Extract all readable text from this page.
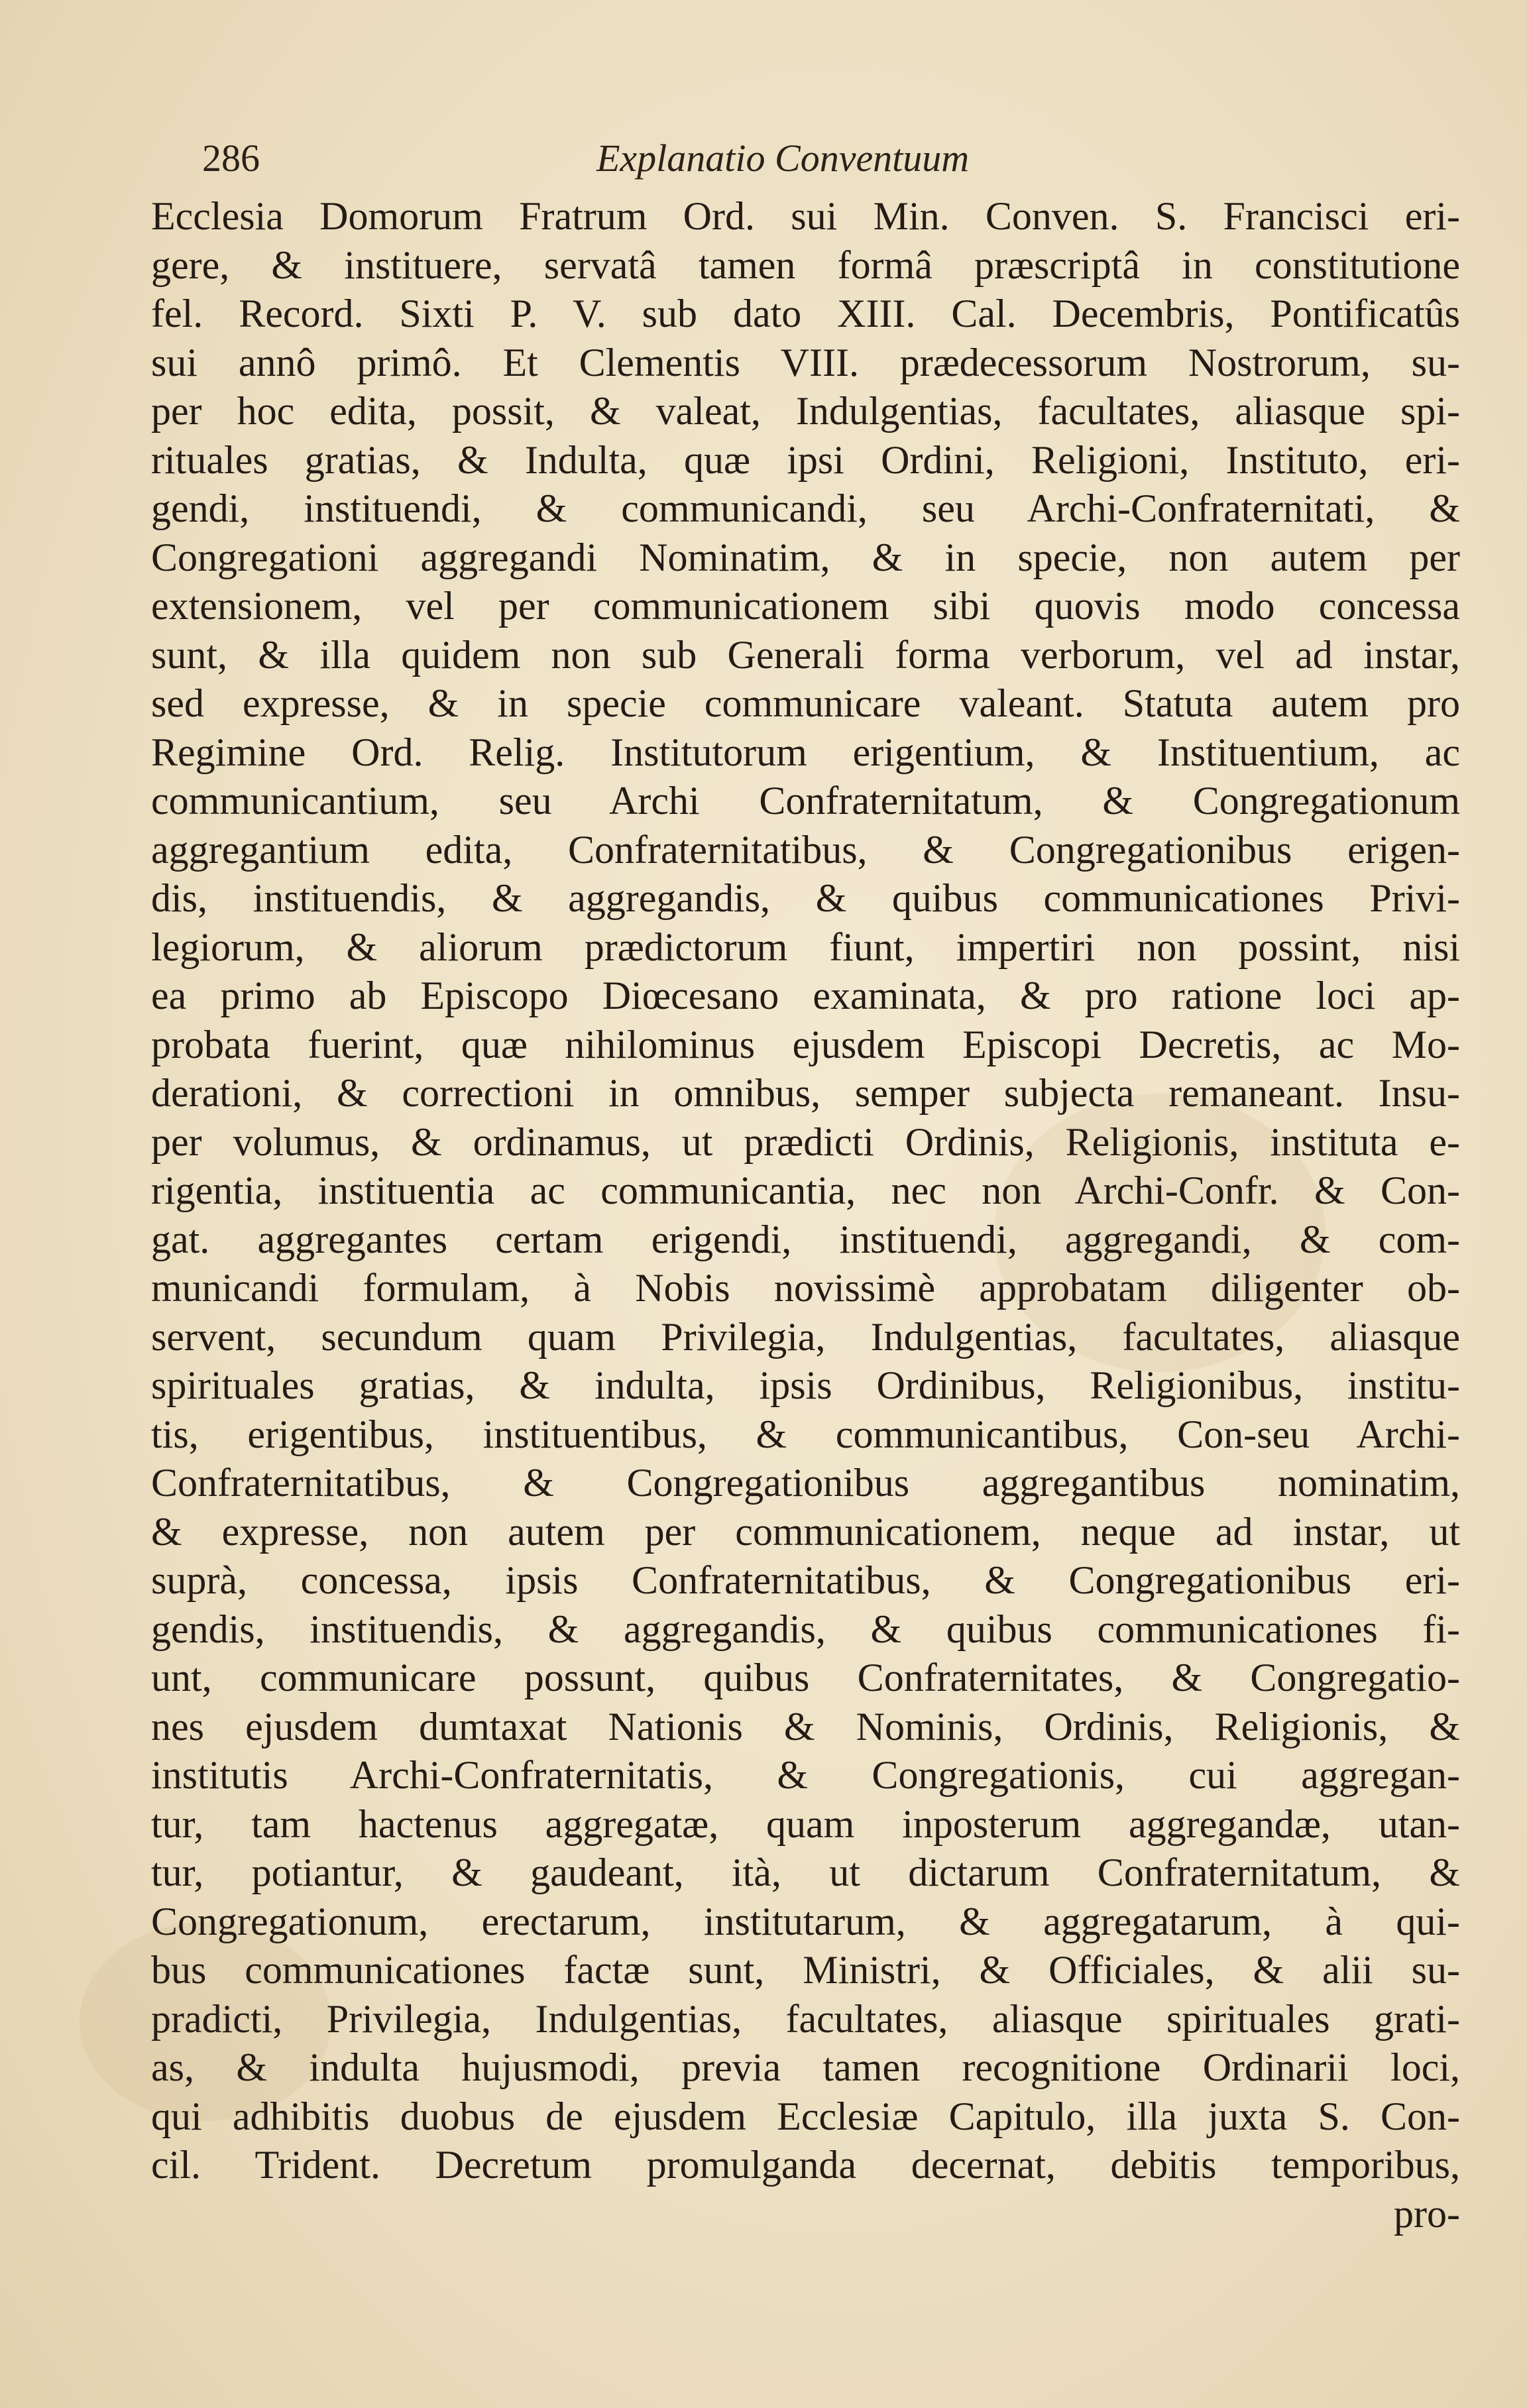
286	Explanatio Conventuum
Ecclesia Domorum Fratrum Ord. sui Min. Conven. S. Francisci eri-
gere, & instituere, servatâ tamen formâ præscriptâ in constitutione
fel. Record. Sixti P. V. sub dato XIII. Cal. Decembris, Pontificatûs
sui annô primô. Et Clementis VIII. prædecessorum Nostrorum, su-
per hoc edita, possit, & valeat, Indulgentias, facultates, aliasque spi-
rituales gratias, & Indulta, quæ ipsi Ordini, Religioni, Instituto, eri-
gendi, instituendi, & communicandi, seu Archi-Confraternitati, &
Congregationi aggregandi Nominatim, & in specie, non autem per
extensionem, vel per communicationem sibi quovis modo concessa
sunt, & illa quidem non sub Generali forma verborum, vel ad instar,
sed expresse, & in specie communicare valeant. Statuta autem pro
Regimine Ord. Relig. Institutorum erigentium, & Instituentium, ac
communicantium, seu Archi Confraternitatum, & Congregationum
aggregantium edita, Confraternitatibus, & Congregationibus erigen-
dis, instituendis, & aggregandis, & quibus communicationes Privi-
legiorum, & aliorum prædictorum fiunt, impertiri non possint, nisi
ea primo ab Episcopo Diœcesano examinata, & pro ratione loci ap-
probata fuerint, quæ nihilominus ejusdem Episcopi Decretis, ac Mo-
derationi, & correctioni in omnibus, semper subjecta remaneant. Insu-
per volumus, & ordinamus, ut prædicti Ordinis, Religionis, instituta e-
rigentia, instituentia ac communicantia, nec non Archi-Confr. & Con-
gat. aggregantes certam erigendi, instituendi, aggregandi, & com-
municandi formulam, à Nobis novissimè approbatam diligenter ob-
servent, secundum quam Privilegia, Indulgentias, facultates, aliasque
spirituales gratias, & indulta, ipsis Ordinibus, Religionibus, institu-
tis, erigentibus, instituentibus, & communicantibus, Con-seu Archi-
Confraternitatibus, & Congregationibus aggregantibus nominatim,
& expresse, non autem per communicationem, neque ad instar, ut
suprà, concessa, ipsis Confraternitatibus, & Congregationibus eri-
gendis, instituendis, & aggregandis, & quibus communicationes fi-
unt, communicare possunt, quibus Confraternitates, & Congregatio-
nes ejusdem dumtaxat Nationis & Nominis, Ordinis, Religionis, &
institutis Archi-Confraternitatis, & Congregationis, cui aggregan-
tur, tam hactenus aggregatæ, quam inposterum aggregandæ, utan-
tur, potiantur, & gaudeant, ità, ut dictarum Confraternitatum, &
Congregationum, erectarum, institutarum, & aggregatarum, à qui-
bus communicationes factæ sunt, Ministri, & Officiales, & alii su-
pradicti, Privilegia, Indulgentias, facultates, aliasque spirituales grati-
as, & indulta hujusmodi, previa tamen recognitione Ordinarii loci,
qui adhibitis duobus de ejusdem Ecclesiæ Capitulo, illa juxta S. Con-
cil. Trident. Decretum promulganda decernat, debitis temporibus,
pro-
